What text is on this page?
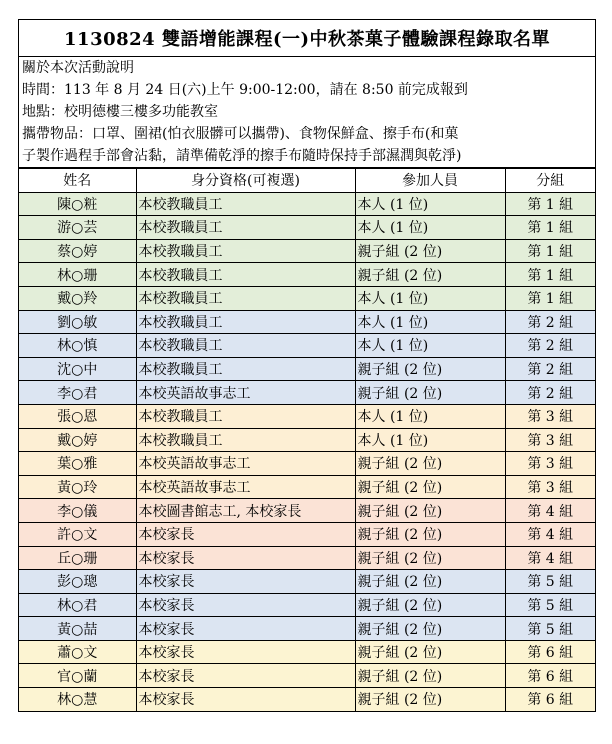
1130824 雙語增能課程(一)中秋茶菓子體驗課程錄取名單
關於本次活動說明
時間：113 年 8 月 24 日(六)上午 9:00-12:00，請在 8:50 前完成報到
地點：校明德樓三樓多功能教室
攜帶物品：口罩、圍裙(怕衣服髒可以攜帶)、食物保鮮盒、擦手布(和菓
子製作過程手部會沾黏，請準備乾淨的擦手布隨時保持手部濕潤與乾淨)
姓名	身分資格(可複選)	參加人員	分組
陳○粧	本校教職員工	本人 (1 位)	第 1 組
游○芸	本校教職員工	本人 (1 位)	第 1 組
蔡○婷	本校教職員工	親子組 (2 位)	第 1 組
林○珊	本校教職員工	親子組 (2 位)	第 1 組
戴○羚	本校教職員工	本人 (1 位)	第 1 組
劉○敏	本校教職員工	本人 (1 位)	第 2 組
林○慎	本校教職員工	本人 (1 位)	第 2 組
沈○中	本校教職員工	親子組 (2 位)	第 2 組
李○君	本校英語故事志工	親子組 (2 位)	第 2 組
張○恩	本校教職員工	本人 (1 位)	第 3 組
戴○婷	本校教職員工	本人 (1 位)	第 3 組
葉○雅	本校英語故事志工	親子組 (2 位)	第 3 組
黃○玲	本校英語故事志工	親子組 (2 位)	第 3 組
李○儀	本校圖書館志工, 本校家長	親子組 (2 位)	第 4 組
許○文	本校家長	親子組 (2 位)	第 4 組
丘○珊	本校家長	親子組 (2 位)	第 4 組
彭○璁	本校家長	親子組 (2 位)	第 5 組
林○君	本校家長	親子組 (2 位)	第 5 組
黃○喆	本校家長	親子組 (2 位)	第 5 組
蕭○文	本校家長	親子組 (2 位)	第 6 組
官○蘭	本校家長	親子組 (2 位)	第 6 組
林○慧	本校家長	親子組 (2 位)	第 6 組
